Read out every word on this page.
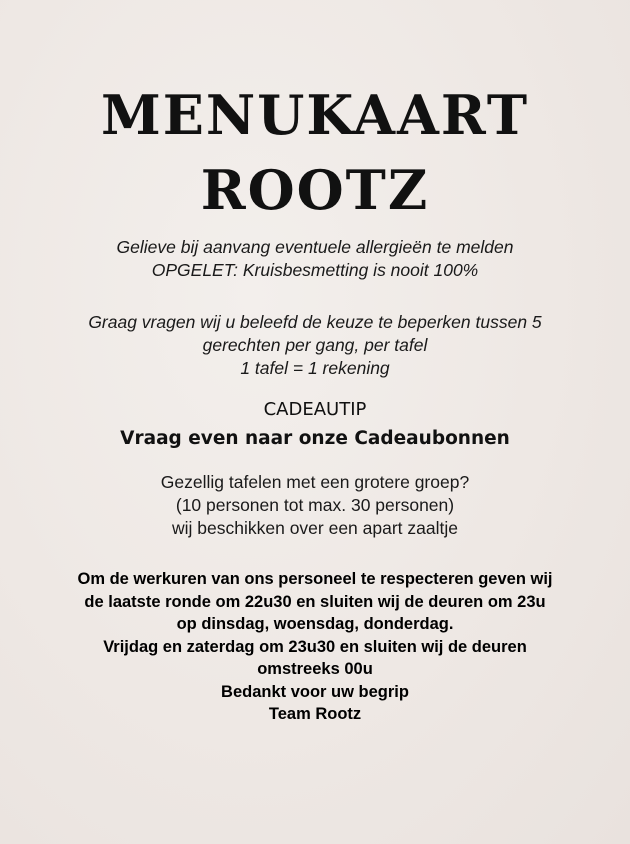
MENUKAART
ROOTZ
Gelieve bij aanvang eventuele allergieën te melden
OPGELET: Kruisbesmetting is nooit 100%
Graag vragen wij u beleefd de keuze te beperken tussen 5
gerechten per gang, per tafel
1 tafel = 1 rekening
CADEAUTIP
Vraag even naar onze Cadeaubonnen
Gezellig tafelen met een grotere groep?
(10 personen tot max. 30 personen)
wij beschikken over een apart zaaltje
Om de werkuren van ons personeel te respecteren geven wij
de laatste ronde om 22u30 en sluiten wij de deuren om 23u
op dinsdag, woensdag, donderdag.
Vrijdag en zaterdag om 23u30 en sluiten wij de deuren
omstreeks 00u
Bedankt voor uw begrip
Team Rootz
